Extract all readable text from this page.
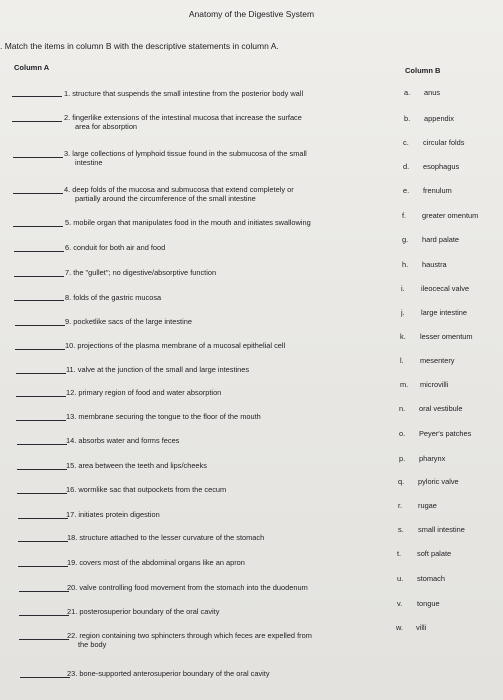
Anatomy of the Digestive System
. Match the items in column B with the descriptive statements in column A.
Column A	Column B
1. structure that suspends the small intestine from the posterior body wall
2. fingerlike extensions of the intestinal mucosa that increase the surface
area for absorption
3. large collections of lymphoid tissue found in the submucosa of the small
intestine
4. deep folds of the mucosa and submucosa that extend completely or
partially around the circumference of the small intestine
5. mobile organ that manipulates food in the mouth and initiates swallowing
6. conduit for both air and food
7. the "gullet"; no digestive/absorptive function
8. folds of the gastric mucosa
9. pocketlike sacs of the large intestine
10. projections of the plasma membrane of a mucosal epithelial cell
11. valve at the junction of the small and large intestines
12. primary region of food and water absorption
13. membrane securing the tongue to the floor of the mouth
14. absorbs water and forms feces
15. area between the teeth and lips/cheeks
16. wormlike sac that outpockets from the cecum
17. initiates protein digestion
18. structure attached to the lesser curvature of the stomach
19. covers most of the abdominal organs like an apron
20. valve controlling food movement from the stomach into the duodenum
21. posterosuperior boundary of the oral cavity
22. region containing two sphincters through which feces are expelled from
the body
23. bone-supported anterosuperior boundary of the oral cavity
a. anus
b. appendix
c. circular folds
d. esophagus
e. frenulum
f. greater omentum
g. hard palate
h. haustra
i. ileocecal valve
j. large intestine
k. lesser omentum
l. mesentery
m. microvilli
n. oral vestibule
o. Peyer's patches
p. pharynx
q. pyloric valve
r. rugae
s. small intestine
t. soft palate
u. stomach
v. tongue
w. villi
